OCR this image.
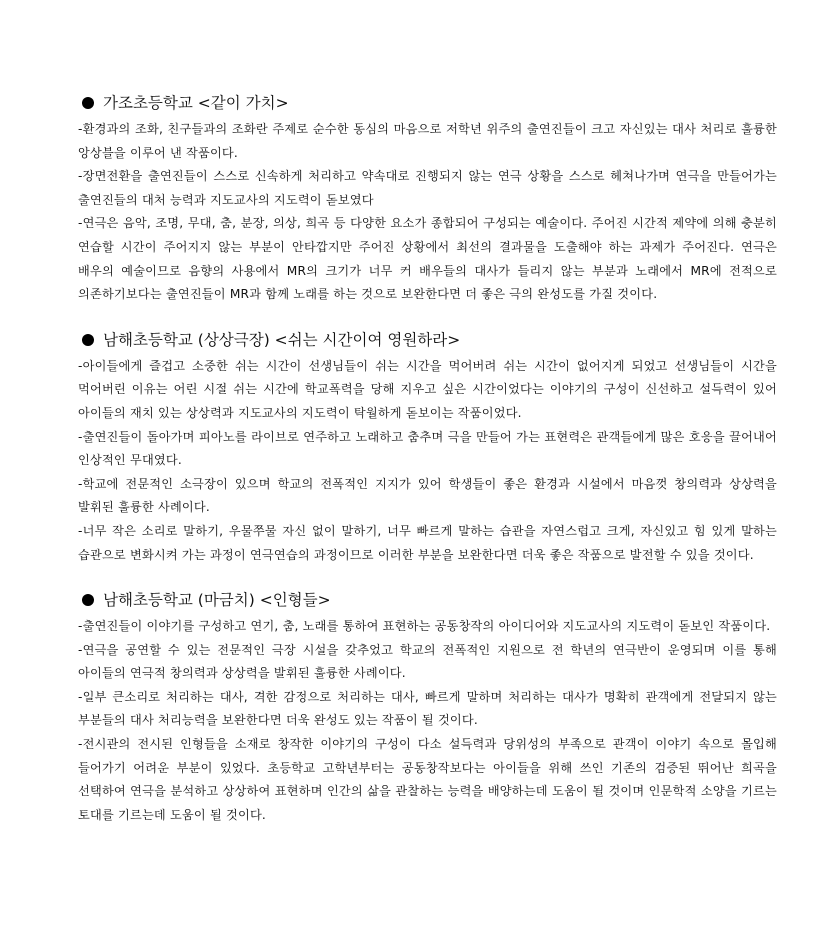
가조초등학교 <같이 가치>
-환경과의 조화, 친구들과의 조화란 주제로 순수한 동심의 마음으로 저학년 위주의 출연진들이 크고 자신있는 대사 처리로 훌륭한 앙상블을 이루어 낸 작품이다.
-장면전환을 출연진들이 스스로 신속하게 처리하고 약속대로 진행되지 않는 연극 상황을 스스로 헤쳐나가며 연극을 만들어가는 출연진들의 대처 능력과 지도교사의 지도력이 돋보였다
-연극은 음악, 조명, 무대, 춤, 분장, 의상, 희곡 등 다양한 요소가 종합되어 구성되는 예술이다. 주어진 시간적 제약에 의해 충분히 연습할 시간이 주어지지 않는 부분이 안타깝지만 주어진 상황에서 최선의 결과물을 도출해야 하는 과제가 주어진다. 연극은 배우의 예술이므로 음향의 사용에서 MR의 크기가 너무 커 배우들의 대사가 들리지 않는 부분과 노래에서 MR에 전적으로 의존하기보다는 출연진들이 MR과 함께 노래를 하는 것으로 보완한다면 더 좋은 극의 완성도를 가질 것이다.
남해초등학교 (상상극장) <쉬는 시간이여 영원하라>
-아이들에게 즐겁고 소중한 쉬는 시간이 선생님들이 쉬는 시간을 먹어버려 쉬는 시간이 없어지게 되었고 선생님들이 시간을 먹어버린 이유는 어린 시절 쉬는 시간에 학교폭력을 당해 지우고 싶은 시간이었다는 이야기의 구성이 신선하고 설득력이 있어 아이들의 재치 있는 상상력과 지도교사의 지도력이 탁월하게 돋보이는 작품이었다.
-출연진들이 돌아가며 피아노를 라이브로 연주하고 노래하고 춤추며 극을 만들어 가는 표현력은 관객들에게 많은 호응을 끌어내어 인상적인 무대였다.
-학교에 전문적인 소극장이 있으며 학교의 전폭적인 지지가 있어 학생들이 좋은 환경과 시설에서 마음껏 창의력과 상상력을 발휘된 훌륭한 사례이다.
-너무 작은 소리로 말하기, 우물쭈물 자신 없이 말하기, 너무 빠르게 말하는 습관을 자연스럽고 크게, 자신있고 힘 있게 말하는 습관으로 변화시켜 가는 과정이 연극연습의 과정이므로 이러한 부분을 보완한다면 더욱 좋은 작품으로 발전할 수 있을 것이다.
남해초등학교 (마금치) <인형들>
-출연진들이 이야기를 구성하고 연기, 춤, 노래를 통하여 표현하는 공동창작의 아이디어와 지도교사의 지도력이 돋보인 작품이다.
-연극을 공연할 수 있는 전문적인 극장 시설을 갖추었고 학교의 전폭적인 지원으로 전 학년의 연극반이 운영되며 이를 통해 아이들의 연극적 창의력과 상상력을 발휘된 훌륭한 사례이다.
-일부 큰소리로 처리하는 대사, 격한 감정으로 처리하는 대사, 빠르게 말하며 처리하는 대사가 명확히 관객에게 전달되지 않는 부분들의 대사 처리능력을 보완한다면 더욱 완성도 있는 작품이 될 것이다.
-전시관의 전시된 인형들을 소재로 창작한 이야기의 구성이 다소 설득력과 당위성의 부족으로 관객이 이야기 속으로 몰입해 들어가기 어려운 부분이 있었다. 초등학교 고학년부터는 공동창작보다는 아이들을 위해 쓰인 기존의 검증된 뛰어난 희곡을 선택하여 연극을 분석하고 상상하여 표현하며 인간의 삶을 관찰하는 능력을 배양하는데 도움이 될 것이며 인문학적 소양을 기르는 토대를 기르는데 도움이 될 것이다.
